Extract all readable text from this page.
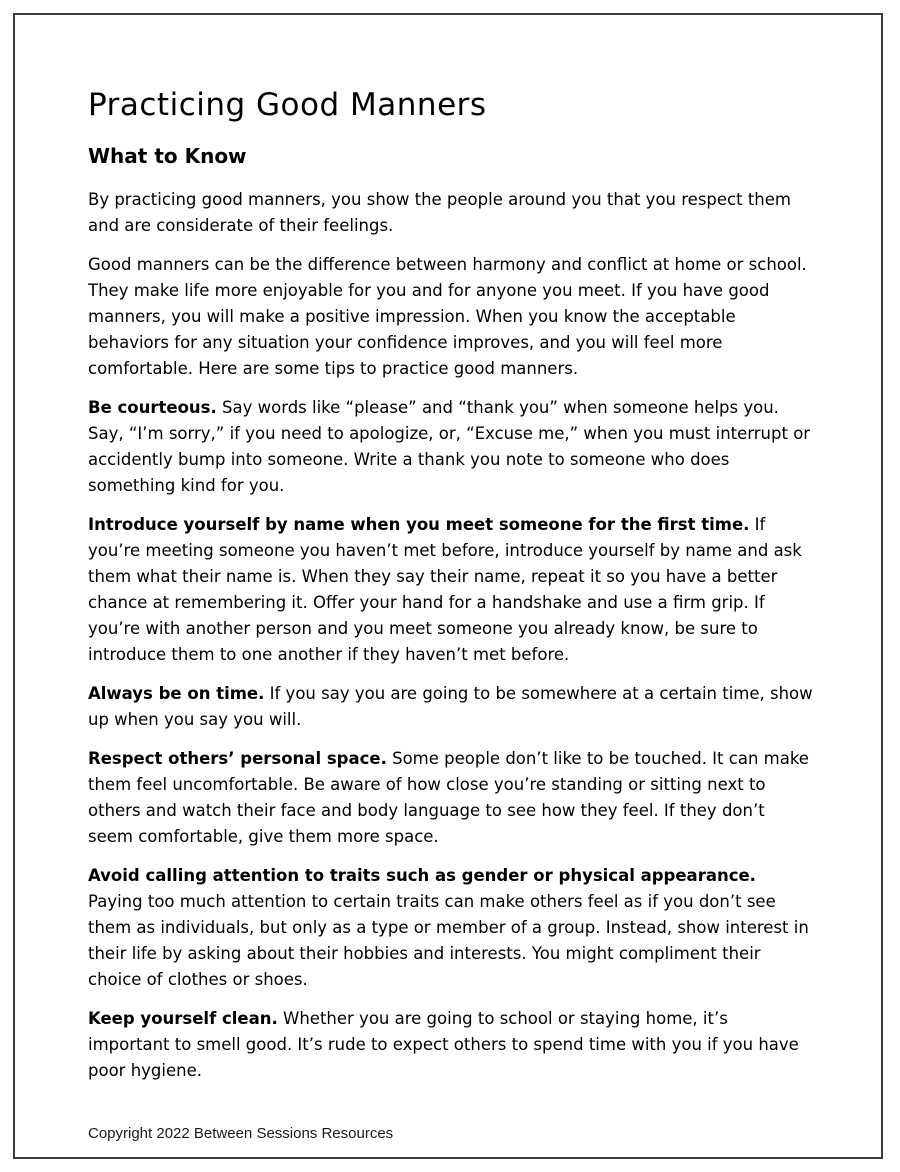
Practicing Good Manners
What to Know

By practicing good manners, you show the people around you that you respect them and are considerate of their feelings.

Good manners can be the difference between harmony and conflict at home or school. They make life more enjoyable for you and for anyone you meet. If you have good manners, you will make a positive impression. When you know the acceptable behaviors for any situation your confidence improves, and you will feel more comfortable. Here are some tips to practice good manners.

Be courteous. Say words like “please” and “thank you” when someone helps you. Say, “I’m sorry,” if you need to apologize, or, “Excuse me,” when you must interrupt or accidently bump into someone. Write a thank you note to someone who does something kind for you.

Introduce yourself by name when you meet someone for the first time. If you’re meeting someone you haven’t met before, introduce yourself by name and ask them what their name is. When they say their name, repeat it so you have a better chance at remembering it. Offer your hand for a handshake and use a firm grip. If you’re with another person and you meet someone you already know, be sure to introduce them to one another if they haven’t met before.

Always be on time. If you say you are going to be somewhere at a certain time, show up when you say you will.

Respect others’ personal space. Some people don’t like to be touched. It can make them feel uncomfortable. Be aware of how close you’re standing or sitting next to others and watch their face and body language to see how they feel. If they don’t seem comfortable, give them more space.

Avoid calling attention to traits such as gender or physical appearance. Paying too much attention to certain traits can make others feel as if you don’t see them as individuals, but only as a type or member of a group. Instead, show interest in their life by asking about their hobbies and interests. You might compliment their choice of clothes or shoes.

Keep yourself clean. Whether you are going to school or staying home, it’s important to smell good. It’s rude to expect others to spend time with you if you have poor hygiene.

Copyright 2022 Between Sessions Resources
